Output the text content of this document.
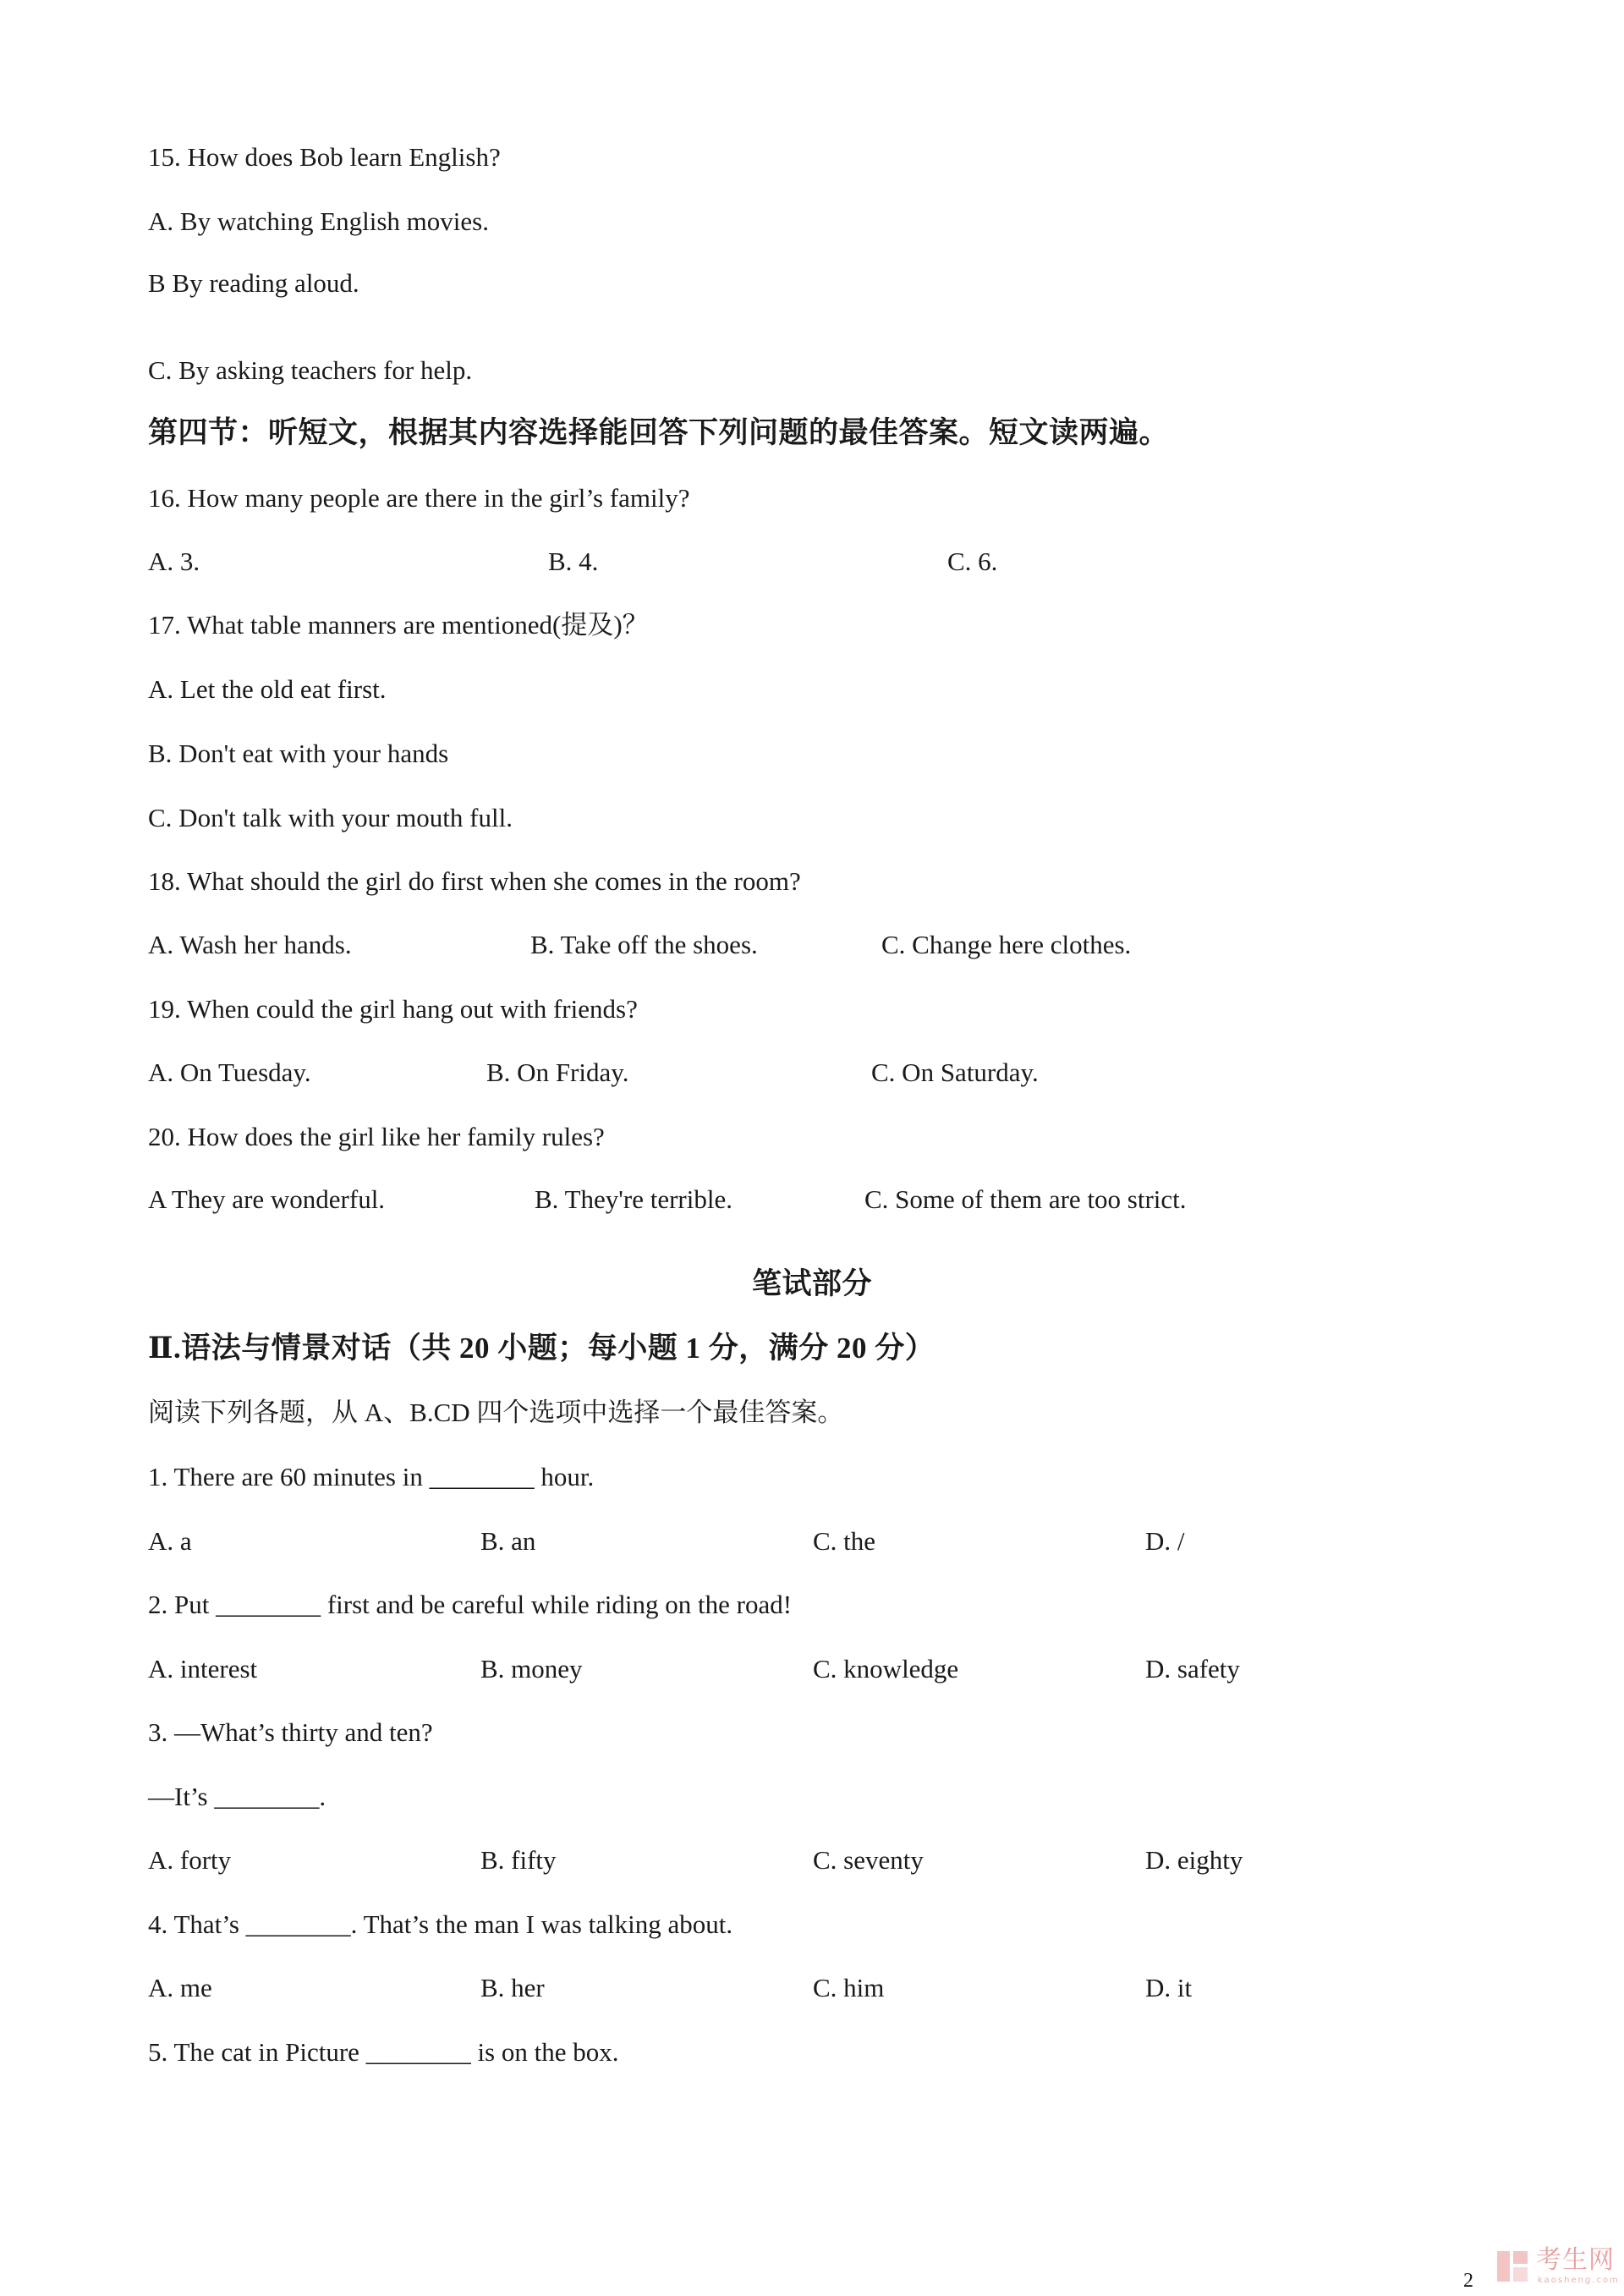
15. How does Bob learn English?
A. By watching English movies.
B By reading aloud.
C. By asking teachers for help.
第四节：听短文，根据其内容选择能回答下列问题的最佳答案。短文读两遍。
16. How many people are there in the girl’s family?
A. 3.	B. 4.	C. 6.
17. What table manners are mentioned(提及)？
A. Let the old eat first.
B. Don't eat with your hands
C. Don't talk with your mouth full.
18. What should the girl do first when she comes in the room?
A. Wash her hands.	B. Take off the shoes.	C. Change here clothes.
19. When could the girl hang out with friends?
A. On Tuesday.	B. On Friday.	C. On Saturday.
20. How does the girl like her family rules?
A They are wonderful.	B. They're terrible.	C. Some of them are too strict.
笔试部分
Ⅱ.语法与情景对话（共 20 小题；每小题 1 分，满分 20 分）
阅读下列各题，从 A、B.CD 四个选项中选择一个最佳答案。
1. There are 60 minutes in ________ hour.
A. a	B. an	C. the	D. /
2. Put ________ first and be careful while riding on the road!
A. interest	B. money	C. knowledge	D. safety
3. —What’s thirty and ten?
—It’s ________.
A. forty	B. fifty	C. seventy	D. eighty
4. That’s ________. That’s the man I was talking about.
A. me	B. her	C. him	D. it
5. The cat in Picture ________ is on the box.
2
考生网
kaosheng.com
